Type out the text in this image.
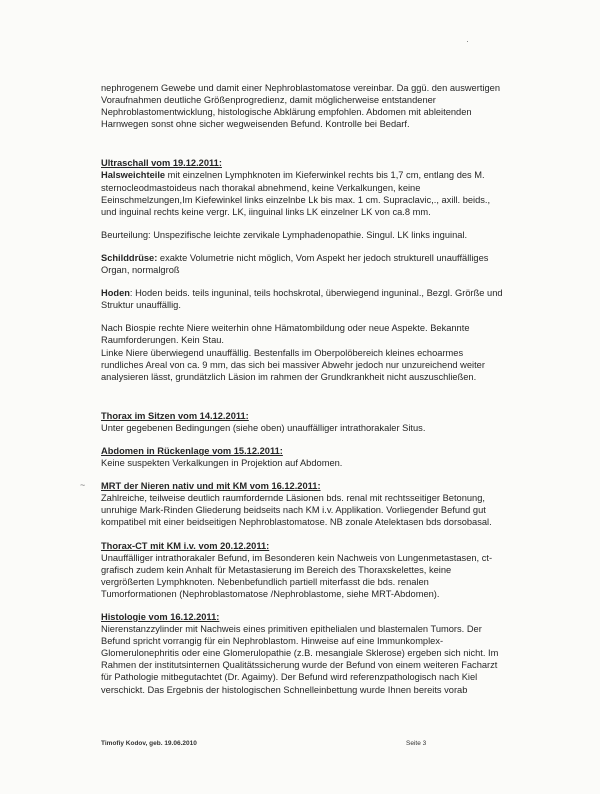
·
~

nephrogenem Gewebe und damit einer Nephroblastomatose vereinbar. Da ggü. den auswertigen

Voraufnahmen deutliche Größenprogredienz, damit möglicherweise entstandener

Nephroblastomentwicklung, histologische Abklärung empfohlen. Abdomen mit ableitenden

Harnwegen sonst ohne sicher wegweisenden Befund. Kontrolle bei Bedarf.

Ultraschall vom 19.12.2011:

Halsweichteile mit einzelnen Lymphknoten im Kieferwinkel rechts bis 1,7 cm, entlang des M.

sternocleodmastoideus nach thorakal abnehmend, keine Verkalkungen, keine

Eeinschmelzungen,Im Kiefewinkel links einzelnbe Lk bis max. 1 cm. Supraclavic,., axill. beids.,

und inguinal rechts keine vergr. LK, iinguinal links LK einzelner LK von ca.8 mm.

Beurteilung: Unspezifische leichte zervikale Lymphadenopathie. Singul. LK links inguinal.

Schilddrüse: exakte Volumetrie nicht möglich, Vom Aspekt her jedoch strukturell unauffälliges

Organ, normalgroß

Hoden: Hoden beids. teils inguninal, teils hochskrotal, überwiegend inguninal., Bezgl. Grörße und

Struktur unauffällig.

Nach Biospie rechte Niere weiterhin ohne Hämatombildung oder neue Aspekte. Bekannte

Raumforderungen. Kein Stau.

Linke Niere überwiegend unauffällig. Bestenfalls im Oberpolöbereich kleines echoarmes

rundliches Areal von ca. 9 mm, das sich bei massiver Abwehr jedoch nur unzureichend weiter

analysieren lässt, grundätzlich Läsion im rahmen der Grundkrankheit nicht auszuschließen.

Thorax im Sitzen vom 14.12.2011:

Unter gegebenen Bedingungen (siehe oben) unauffälliger intrathorakaler Situs.

Abdomen in Rückenlage vom 15.12.2011:

Keine suspekten Verkalkungen in Projektion auf Abdomen.

MRT der Nieren nativ und mit KM vom 16.12.2011:

Zahlreiche, teilweise deutlich raumfordernde Läsionen bds. renal mit rechtsseitiger Betonung,

unruhige Mark-Rinden Gliederung beidseits nach KM i.v. Applikation. Vorliegender Befund gut

kompatibel mit einer beidseitigen Nephroblastomatose. NB zonale Atelektasen bds dorsobasal.

Thorax-CT mit KM i.v. vom 20.12.2011:

Unauffälliger intrathorakaler Befund, im Besonderen kein Nachweis von Lungenmetastasen, ct-

grafisch zudem kein Anhalt für Metastasierung im Bereich des Thoraxskelettes, keine

vergrößerten Lymphknoten. Nebenbefundlich partiell miterfasst die bds. renalen

Tumorformationen (Nephroblastomatose /Nephroblastome, siehe MRT-Abdomen).

Histologie vom 16.12.2011:

Nierenstanzzylinder mit Nachweis eines primitiven epithelialen und blastemalen Tumors. Der

Befund spricht vorrangig für ein Nephroblastom. Hinweise auf eine Immunkomplex-

Glomerulonephritis oder eine Glomerulopathie (z.B. mesangiale Sklerose) ergeben sich nicht. Im

Rahmen der institutsinternen Qualitätssicherung wurde der Befund von einem weiteren Facharzt

für Pathologie mitbegutachtet (Dr. Agaimy). Der Befund wird referenzpathologisch nach Kiel

verschickt. Das Ergebnis der histologischen Schnelleinbettung wurde Ihnen bereits vorab

Timofiy Kodov, geb. 19.06.2010	Seite 3
